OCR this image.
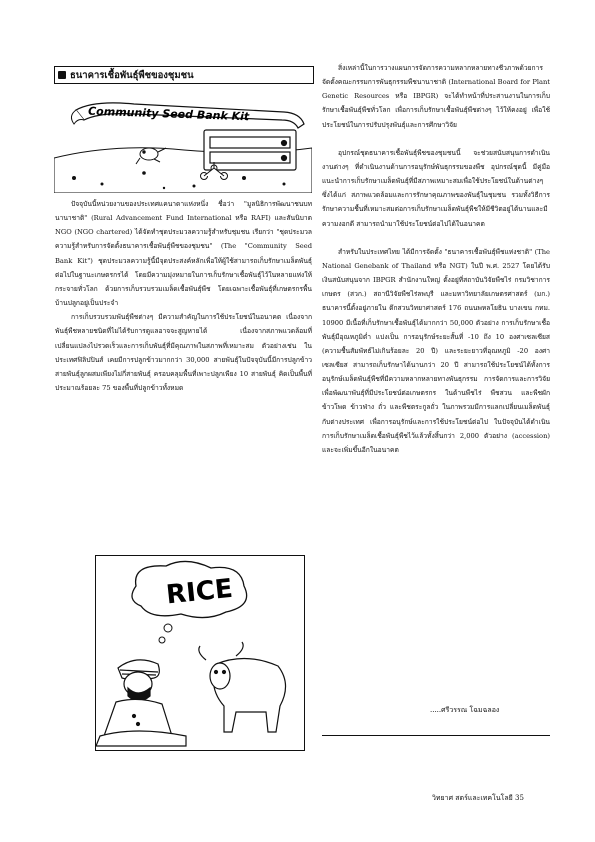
ธนาคารเชื้อพันธุ์พืชของชุมชน
Community Seed Bank Kit

ปัจจุบันนี้หน่วยงานของประเทศแคนาดาแห่งหนึ่ง ชื่อว่า "มูลนิธิการพัฒนาชนบทนานาชาติ" (Rural Advancement Fund International หรือ RAFI) และสันนิบาต NGO (NGO chartered) ได้จัดทำชุดประมวลความรู้สำหรับชุมชน เรียกว่า "ชุดประมวลความรู้สำหรับการจัดตั้งธนาคารเชื้อพันธุ์พืชของชุมชน" (The "Community Seed Bank Kit") ชุดประมวลความรู้นี้มีจุดประสงค์หลักเพื่อให้ผู้ใช้สามารถเก็บรักษาเมล็ดพันธุ์ต่อไปในฐานะเกษตรกรได้ โดยมีความมุ่งหมายในการเก็บรักษาเชื้อพันธุ์ไว้ในหลายแห่งให้กระจายทั่วโลก ด้วยการเก็บรวบรวมเมล็ดเชื้อพันธุ์พืช โดยเฉพาะเชื้อพันธุ์ที่เกษตรกรพื้นบ้านปลูกอยู่เป็นประจำ

การเก็บรวบรวมพันธุ์พืชต่างๆ มีความสำคัญในการใช้ประโยชน์ในอนาคต เนื่องจากพันธุ์พืชหลายชนิดที่ไม่ได้รับการดูแลอาจจะสูญหายได้ เนื่องจากสภาพแวดล้อมที่เปลี่ยนแปลงไปรวดเร็วและการเก็บพันธุ์ที่มีคุณภาพในสภาพที่เหมาะสม ตัวอย่างเช่น ในประเทศฟิลิปปินส์ เคยมีการปลูกข้าวมากกว่า 30,000 สายพันธุ์ในปัจจุบันนี้มีการปลูกข้าวสายพันธุ์ลูกผสมเพียงไม่กี่สายพันธุ์ ครอบคลุมพื้นที่เพาะปลูกเพียง 10 สายพันธุ์ คิดเป็นพื้นที่ประมาณร้อยละ 75 ของพื้นที่ปลูกข้าวทั้งหมด

RICE

สิ่งเหล่านี้ในการวางแผนการจัดการความหลากหลายทางชีวภาพด้วยการจัดตั้งคณะกรรมการพันธุกรรมพืชนานาชาติ (International Board for Plant Genetic Resources หรือ IBPGR) จะได้ทำหน้าที่ประสานงานในการเก็บรักษาเชื้อพันธุ์พืชทั่วโลก เพื่อการเก็บรักษาเชื้อพันธุ์พืชต่างๆ ไว้ให้คงอยู่ เพื่อใช้ประโยชน์ในการปรับปรุงพันธุ์และการศึกษาวิจัย

อุปกรณ์ชุดธนาคารเชื้อพันธุ์พืชของชุมชนนี้ จะช่วยสนับสนุนการดำเนินงานต่างๆ ที่ดำเนินงานด้านการอนุรักษ์พันธุกรรมของพืช อุปกรณ์ชุดนี้ มีคู่มือแนะนำการเก็บรักษาเมล็ดพันธุ์ที่มีสภาพเหมาะสมเพื่อใช้ประโยชน์ในด้านต่างๆ ซึ่งได้แก่ สภาพแวดล้อมและการรักษาคุณภาพของพันธุ์ในชุมชน รวมทั้งวิธีการรักษาความชื้นที่เหมาะสมต่อการเก็บรักษาเมล็ดพันธุ์พืชให้มีชีวิตอยู่ได้นานและมีความงอกดี สามารถนำมาใช้ประโยชน์ต่อไปได้ในอนาคต

สำหรับในประเทศไทย ได้มีการจัดตั้ง "ธนาคารเชื้อพันธุ์พืชแห่งชาติ" (The National Genebank of Thailand หรือ NGT) ในปี พ.ศ. 2527 โดยได้รับเงินสนับสนุนจาก IBPGR สำนักงานใหญ่ ตั้งอยู่ที่สถาบันวิจัยพืชไร่ กรมวิชาการเกษตร (สวก.) สถานีวิจัยพืชไร่ลพบุรี และมหาวิทยาลัยเกษตรศาสตร์ (มก.) ธนาคารนี้ตั้งอยู่ภายใน ตึกสวนวิทยาศาสตร์ 176 ถนนพหลโยธิน บางเขน กทม. 10900 มีเนื้อที่เก็บรักษาเชื้อพันธุ์ได้มากกว่า 50,000 ตัวอย่าง การเก็บรักษาเชื้อพันธุ์มีอุณหภูมิต่ำ แบ่งเป็น การอนุรักษ์ระยะสั้นที่ -10 ถึง 10 องศาเซลเซียส (ความชื้นสัมพัทธ์ไม่เกินร้อยละ 20 ปี) และระยะยาวที่อุณหภูมิ -20 องศาเซลเซียส สามารถเก็บรักษาได้นานกว่า 20 ปี สามารถใช้ประโยชน์ได้ทั้งการอนุรักษ์เมล็ดพันธุ์พืชที่มีความหลากหลายทางพันธุกรรม การจัดการและการวิจัยเพื่อพัฒนาพันธุ์ที่มีประโยชน์ต่อเกษตรกร ในด้านพืชไร่ พืชสวน และพืชผัก ข้าวโพด ข้าวฟ่าง ถั่ว และพืชตระกูลถั่ว ในภาพรวมมีการแลกเปลี่ยนเมล็ดพันธุ์กับต่างประเทศ เพื่อการอนุรักษ์และการใช้ประโยชน์ต่อไป ในปัจจุบันได้ดำเนินการเก็บรักษาเมล็ดเชื้อพันธุ์พืชไว้แล้วทั้งสิ้นกว่า 2,000 ตัวอย่าง (accession) และจะเพิ่มขึ้นอีกในอนาคต

.....ศรีวรรณ โฉมฉลอง
วิทยาศ สตร์และเทคโนโลยี 35
